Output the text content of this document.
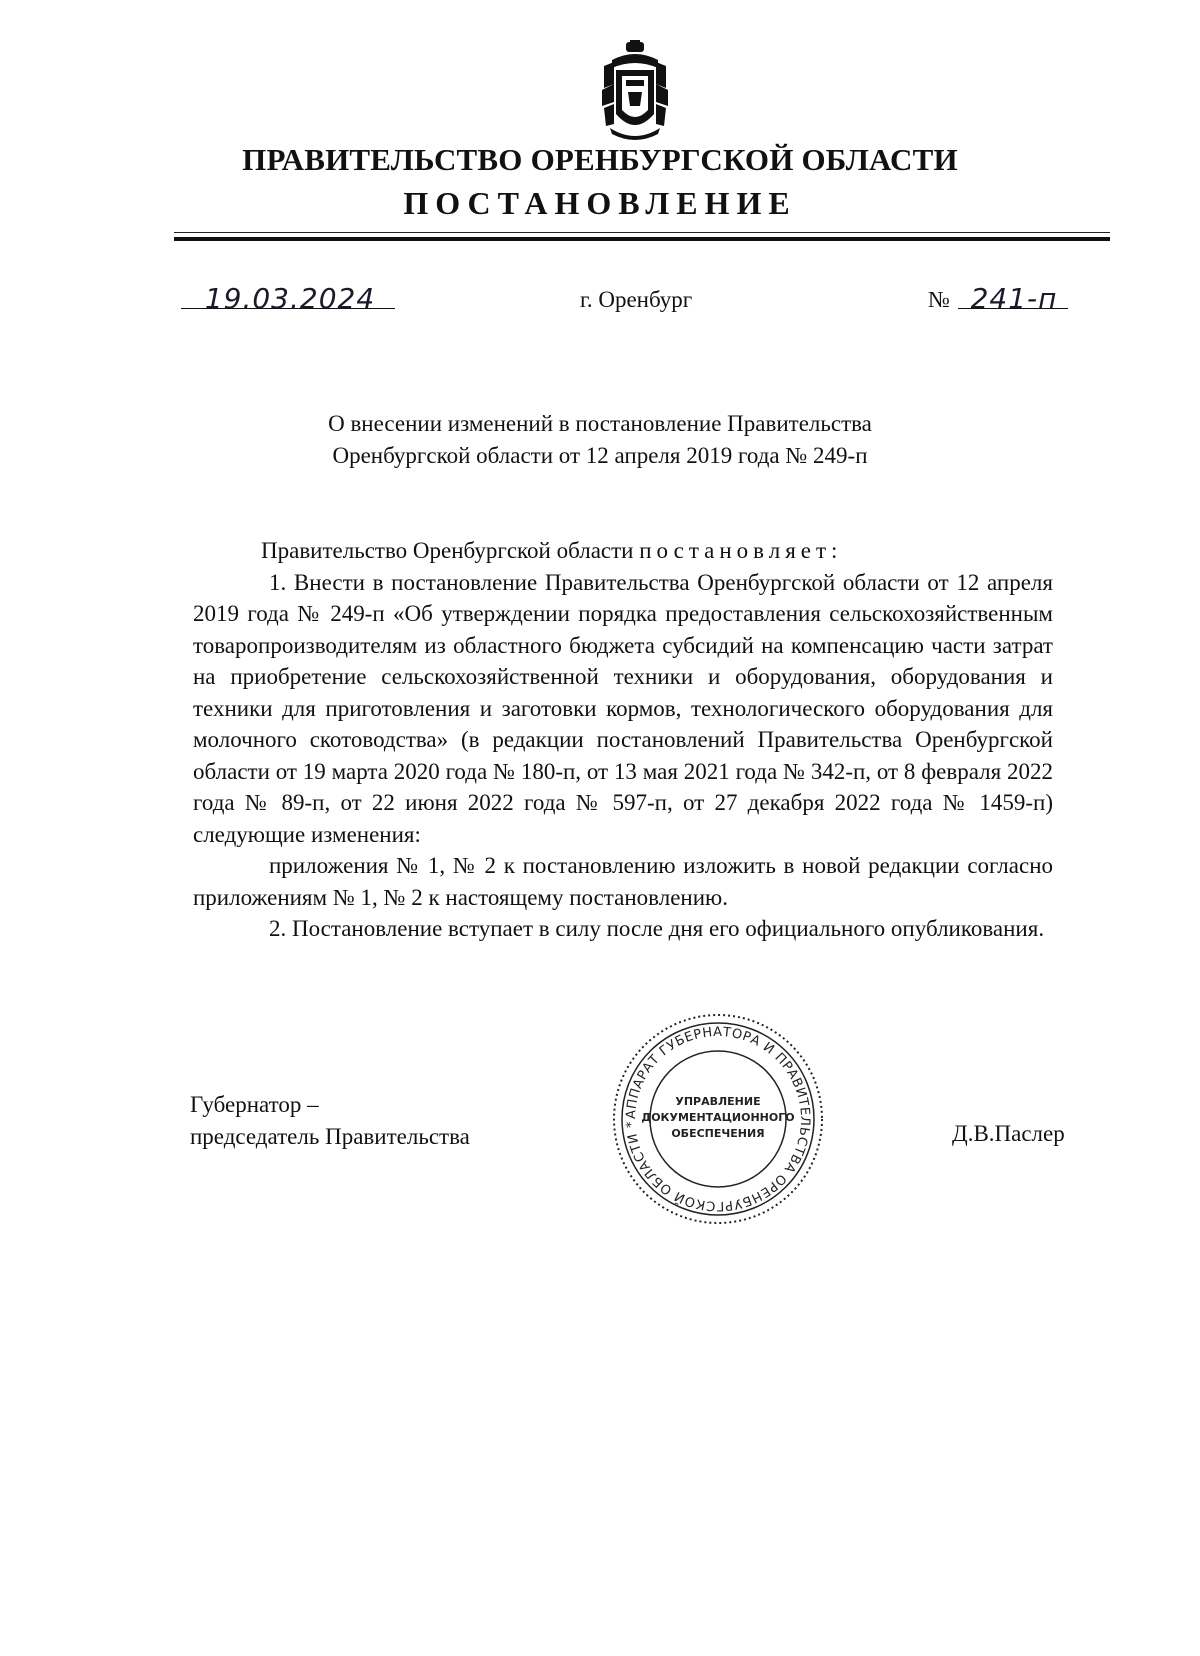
ПРАВИТЕЛЬСТВО ОРЕНБУРГСКОЙ ОБЛАСТИ
ПОСТАНОВЛЕНИЕ
19.03.2024	г. Оренбург	№ 241-п
О внесении изменений в постановление Правительства
Оренбургской области от 12 апреля 2019 года № 249-п

Правительство Оренбургской области постановляет:

1. Внести в постановление Правительства Оренбургской области от 12 апреля 2019 года № 249-п «Об утверждении порядка предоставления сельскохозяйственным товаропроизводителям из областного бюджета субсидий на компенсацию части затрат на приобретение сельскохозяйственной техники и оборудования, оборудования и техники для приготовления и заготовки кормов, технологического оборудования для молочного скотоводства» (в редакции постановлений Правительства Оренбургской области от 19 марта 2020 года № 180-п, от 13 мая 2021 года № 342-п, от 8 февраля 2022 года № 89-п, от 22 июня 2022 года № 597-п, от 27 декабря 2022 года № 1459-п) следующие изменения:

приложения № 1, № 2 к постановлению изложить в новой редакции согласно приложениям № 1, № 2 к настоящему постановлению.

2. Постановление вступает в силу после дня его официального опубликования.

Губернатор –
председатель Правительства	Д.В.Паслер
АППАРАТ ГУБЕРНАТОРА И ПРАВИТЕЛЬСТВА ОРЕНБУРГСКОЙ ОБЛАСТИ *
УПРАВЛЕНИЕ
ДОКУМЕНТАЦИОННОГО
ОБЕСПЕЧЕНИЯ
